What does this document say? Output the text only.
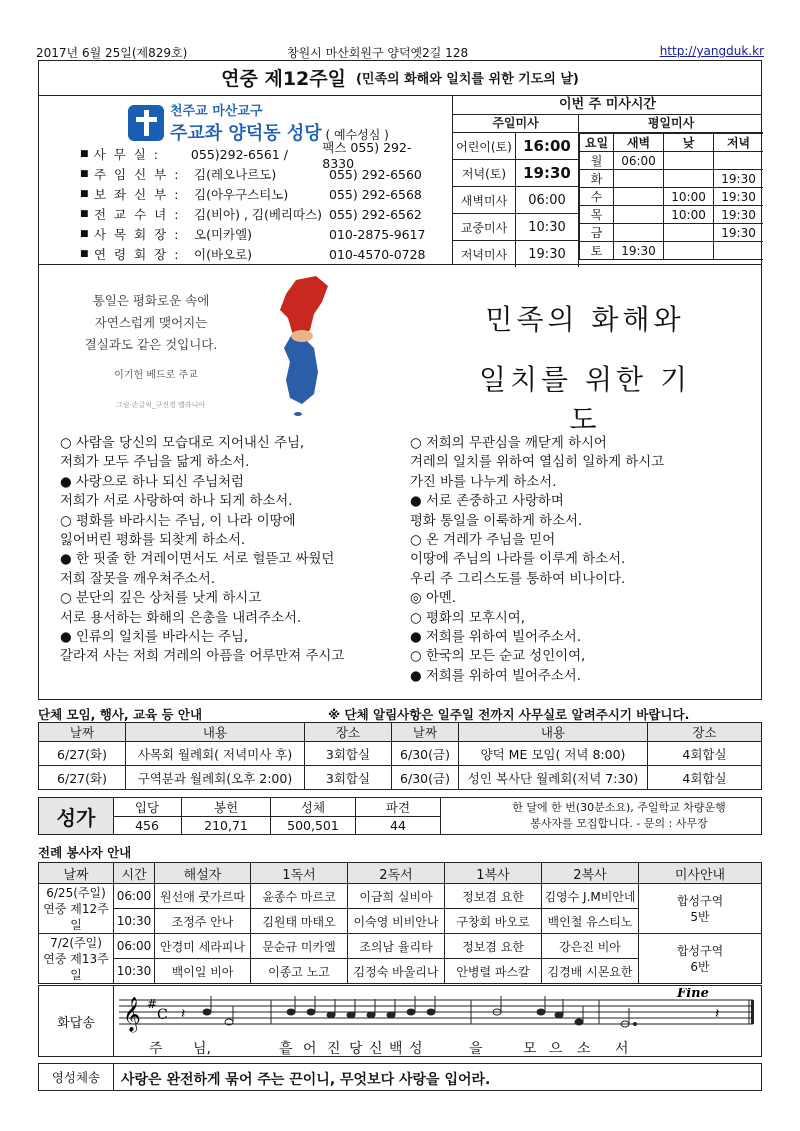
2017년 6월 25일(제829호)	창원시 마산회원구 양덕옛2길 128	http://yangduk.kr
연중 제12주일 (민족의 화해와 일치를 위한 기도의 날)
천주교 마산교구
주교좌 양덕동 성당 ( 예수성심 )
■ 사 무 실 :	055)292-6561 /	팩스 055) 292-8330
■ 주 임 신 부 :	김(레오나르도)	055) 292-6560
■ 보 좌 신 부 :	김(아우구스티노)	055) 292-6568
■ 전 교 수 녀 :	김(비아) , 김(베리따스) 055) 292-6562
■ 사 목 회 장 :	오(미카엘)	010-2875-9617
■ 연 령 회 장 :	이(바오로)	010-4570-0728
이번 주 미사시간
주일미사
어린이(토) 16:00
저녁(토)	19:30
새벽미사	06:00
교중미사	10:30
저녁미사	19:30
평일미사
요일	새벽	낮	저녁
월	06:00		
화			19:30
수		10:00	19:30
목		10:00	19:30
금			19:30
토	19:30		
통일은 평화로운 속에
자연스럽게 맺어지는
결실과도 같은 것입니다.
이기헌 베드로 주교
그림·손글씨_구진경 멜라니아
민족의 화해와
일치를 위한 기도
○ 사람을 당신의 모습대로 지어내신 주님,
저희가 모두 주님을 닮게 하소서.
● 사랑으로 하나 되신 주님처럼
저희가 서로 사랑하여 하나 되게 하소서.
○ 평화를 바라시는 주님, 이 나라 이땅에
잃어버린 평화를 되찾게 하소서.
● 한 핏줄 한 겨레이면서도 서로 헐뜯고 싸웠던
저희 잘못을 깨우쳐주소서.
○ 분단의 깊은 상처를 낫게 하시고
서로 용서하는 화해의 은총을 내려주소서.
● 인류의 일치를 바라시는 주님,
갈라져 사는 저희 겨레의 아픔을 어루만져 주시고
○ 저희의 무관심을 깨닫게 하시어
겨레의 일치를 위하여 열심히 일하게 하시고
가진 바를 나누게 하소서.
● 서로 존중하고 사랑하며
평화 통일을 이룩하게 하소서.
○ 온 겨레가 주님을 믿어
이땅에 주님의 나라를 이루게 하소서.
우리 주 그리스도를 통하여 비나이다.
◎ 아멘.
○ 평화의 모후시여,
● 저희를 위하여 빌어주소서.
○ 한국의 모든 순교 성인이여,
● 저희를 위하여 빌어주소서.
단체 모임, 행사, 교육 등 안내	※ 단체 알림사항은 일주일 전까지 사무실로 알려주시기 바랍니다.
날짜	내용	장소	날짜	내용	장소
6/27(화)	사목회 월례회( 저녁미사 후)	3회합실	6/30(금)	양덕 ME 모임( 저녁 8:00)	4회합실
6/27(화)	구역분과 월례회(오후 2:00)	3회합실	6/30(금)	성인 복사단 월례회(저녁 7:30)	4회합실
성가	입당	봉헌	성체	파견
456	210,71	500,501	44
한 달에 한 번(30분소요), 주일학교 차량운행
봉사자를 모집합니다. - 문의 : 사무장
전례 봉사자 안내
날짜	시간	해설자	1독서	2독서	1복사	2복사	미사안내
6/25(주일)
연중 제12주일	06:00	원선애 쿳가르따	윤종수 마르코	이금희 실비아	정보겸 요한	김영수 J.M비안네	합성구역
5반
	10:30	조정주 안나	김원태 마태오	이숙영 비비안나	구창회 바오로	백인철 유스티노	
7/2(주일)
연중 제13주일	06:00	안경미 세라피나	문순규 미카엘	조의남 율리타	정보겸 요한	강은진 비아	합성구역
6반
	10:30	백이일 비아	이종고 노고	김정숙 바울리나	안병렬 파스칼	김경배 시몬요한	
화답송 𝄞 #
C
Fine
𝄽	𝄽
주 님,	흩 어 진 당 신 백 성	을	모 으 소 서
영성체송	사랑은 완전하게 묶어 주는 끈이니, 무엇보다 사랑을 입어라.
